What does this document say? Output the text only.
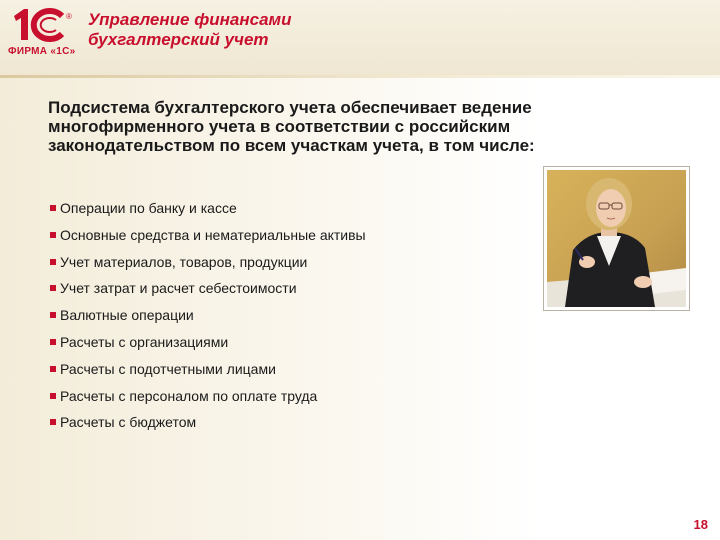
®
ФИРМА «1С»
Управление финансами
бухгалтерский учет
Подсистема бухгалтерского учета обеспечивает ведение многофирменного учета в соответствии с российским законодательством по всем участкам учета, в том числе:
Операции по банку и кассе
Основные средства и нематериальные активы
Учет материалов, товаров, продукции
Учет затрат и расчет себестоимости
Валютные операции
Расчеты с организациями
Расчеты с подотчетными лицами
Расчеты с персоналом по оплате труда
Расчеты с бюджетом
18
